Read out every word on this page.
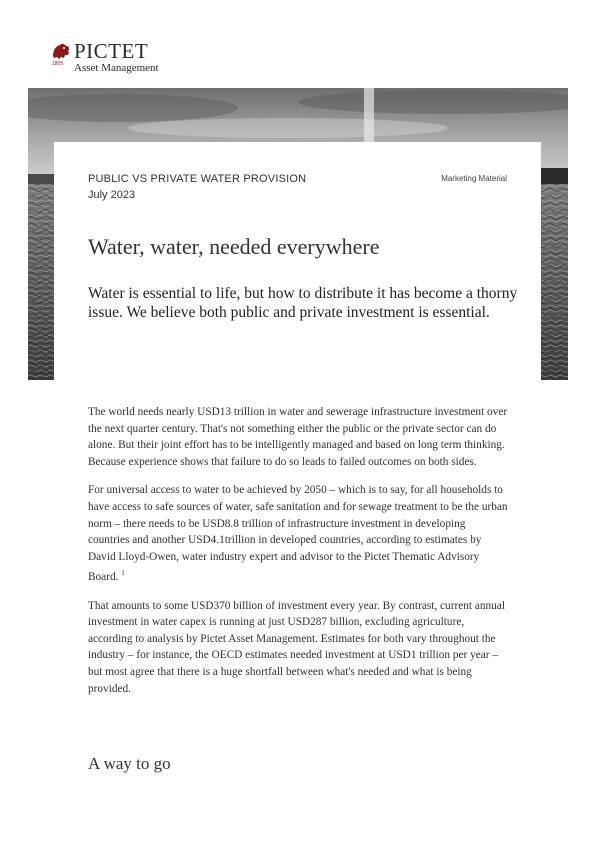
1805
PICTET
Asset Management
PUBLIC VS PRIVATE WATER PROVISION
July 2023
Marketing Material
Water, water, needed everywhere

Water is essential to life, but how to distribute it has become a thorny issue. We believe both public and private investment is essential.

The world needs nearly USD13 trillion in water and sewerage infrastructure investment over the next quarter century. That's not something either the public or the private sector can do alone. But their joint effort has to be intelligently managed and based on long term thinking. Because experience shows that failure to do so leads to failed outcomes on both sides.

For universal access to water to be achieved by 2050 – which is to say, for all households to have access to safe sources of water, safe sanitation and for sewage treatment to be the urban norm – there needs to be USD8.8 trillion of infrastructure investment in developing countries and another USD4.1trillion in developed countries, according to estimates by David Lloyd-Owen, water industry expert and advisor to the Pictet Thematic Advisory Board. $^1$

That amounts to some USD370 billion of investment every year. By contrast, current annual investment in water capex is running at just USD287 billion, excluding agriculture, according to analysis by Pictet Asset Management. Estimates for both vary throughout the industry – for instance, the OECD estimates needed investment at USD1 trillion per year – but most agree that there is a huge shortfall between what's needed and what is being provided.

A way to go
